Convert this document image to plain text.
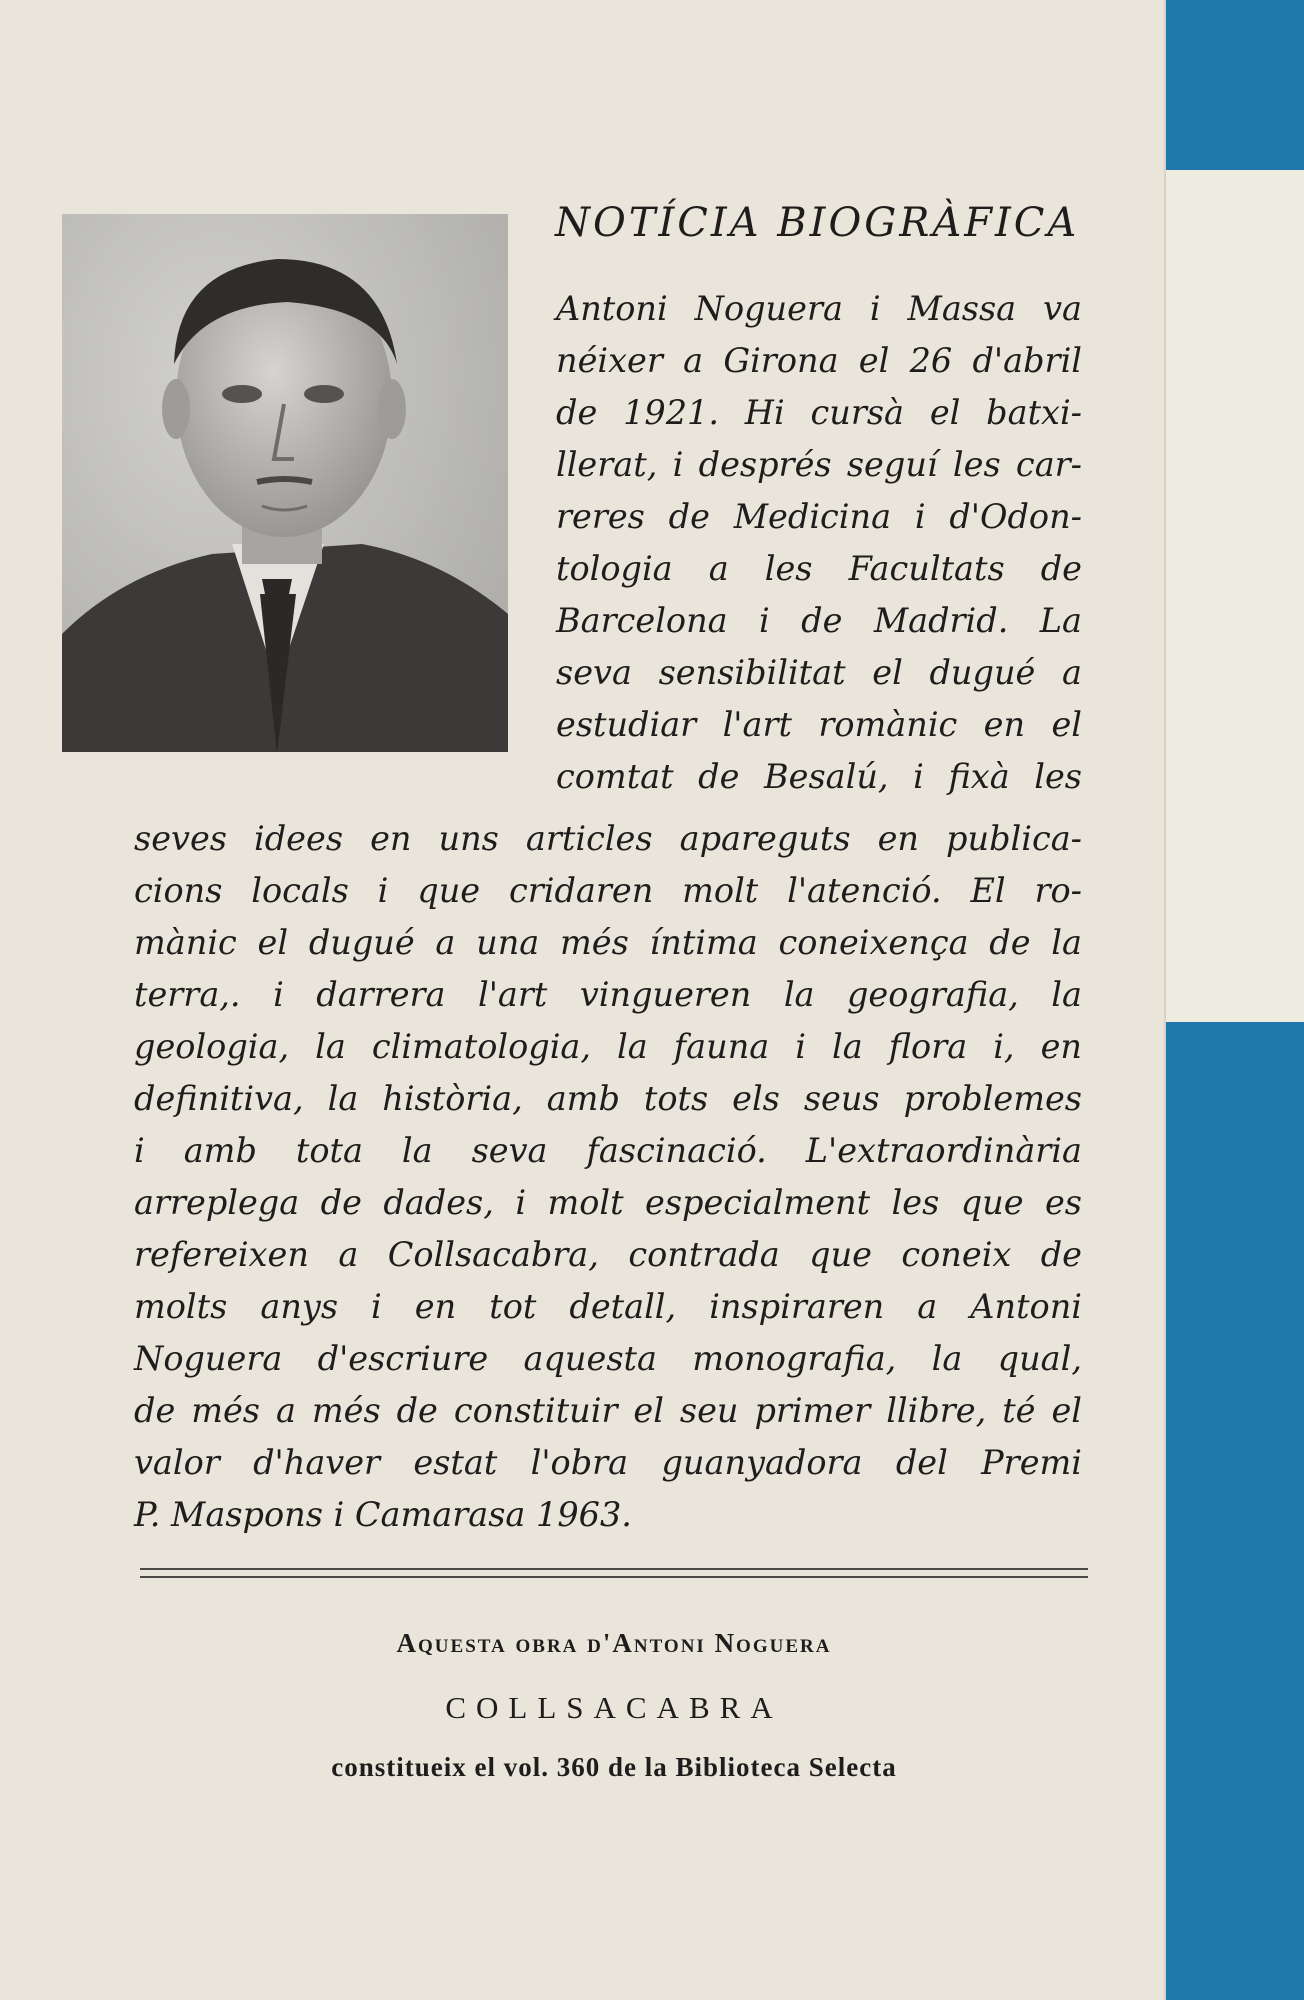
NOTÍCIA BIOGRÀFICA

Antoni Noguera i Massa va

néixer a Girona el 26 d'abril

de 1921. Hi cursà el batxi-

llerat, i després seguí les car-

reres de Medicina i d'Odon-

tologia a les Facultats de

Barcelona i de Madrid. La

seva sensibilitat el dugué a

estudiar l'art romànic en el

comtat de Besalú, i fixà les

seves idees en uns articles apareguts en publica-

cions locals i que cridaren molt l'atenció. El ro-

mànic el dugué a una més íntima coneixença de la

terra,. i darrera l'art vingueren la geografia, la

geologia, la climatologia, la fauna i la flora i, en

definitiva, la història, amb tots els seus problemes

i amb tota la seva fascinació. L'extraordinària

arreplega de dades, i molt especialment les que es

refereixen a Collsacabra, contrada que coneix de

molts anys i en tot detall, inspiraren a Antoni

Noguera d'escriure aquesta monografia, la qual,

de més a més de constituir el seu primer llibre, té el

valor d'haver estat l'obra guanyadora del Premi

P. Maspons i Camarasa 1963.

Aquesta obra d'Antoni Noguera

COLLSACABRA

constitueix el vol. 360 de la Biblioteca Selecta
